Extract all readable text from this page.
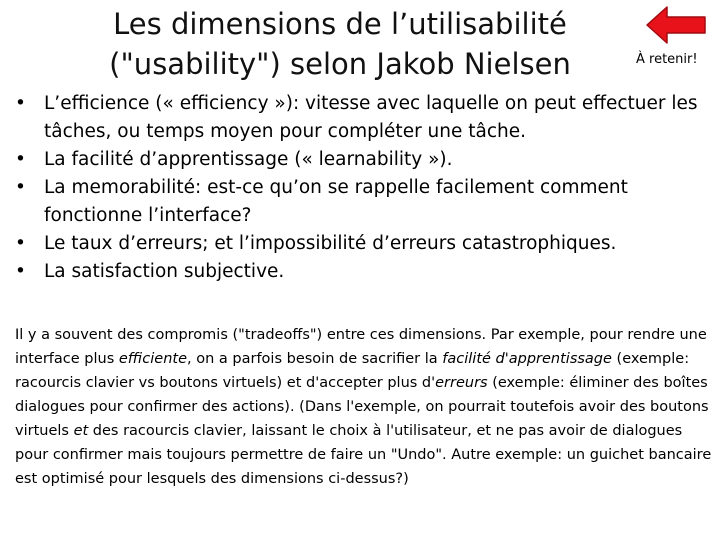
Les dimensions de l’utilisabilité
("usability") selon Jakob Nielsen	À retenir!
• L’efficience (« efficiency »): vitesse avec laquelle on peut effectuer les tâches, ou temps moyen pour compléter une tâche.
• La facilité d’apprentissage (« learnability »).
• La memorabilité: est-ce qu’on se rappelle facilement comment fonctionne l’interface?
• Le taux d’erreurs; et l’impossibilité d’erreurs catastrophiques.
• La satisfaction subjective.

Il y a souvent des compromis ("tradeoffs") entre ces dimensions. Par exemple, pour rendre une interface plus efficiente, on a parfois besoin de sacrifier la facilité d'apprentissage (exemple: racourcis clavier vs boutons virtuels) et d'accepter plus d'erreurs (exemple: éliminer des boîtes dialogues pour confirmer des actions). (Dans l'exemple, on pourrait toutefois avoir des boutons virtuels et des racourcis clavier, laissant le choix à l'utilisateur, et ne pas avoir de dialogues pour confirmer mais toujours permettre de faire un "Undo". Autre exemple: un guichet bancaire est optimisé pour lesquels des dimensions ci-dessus?)
